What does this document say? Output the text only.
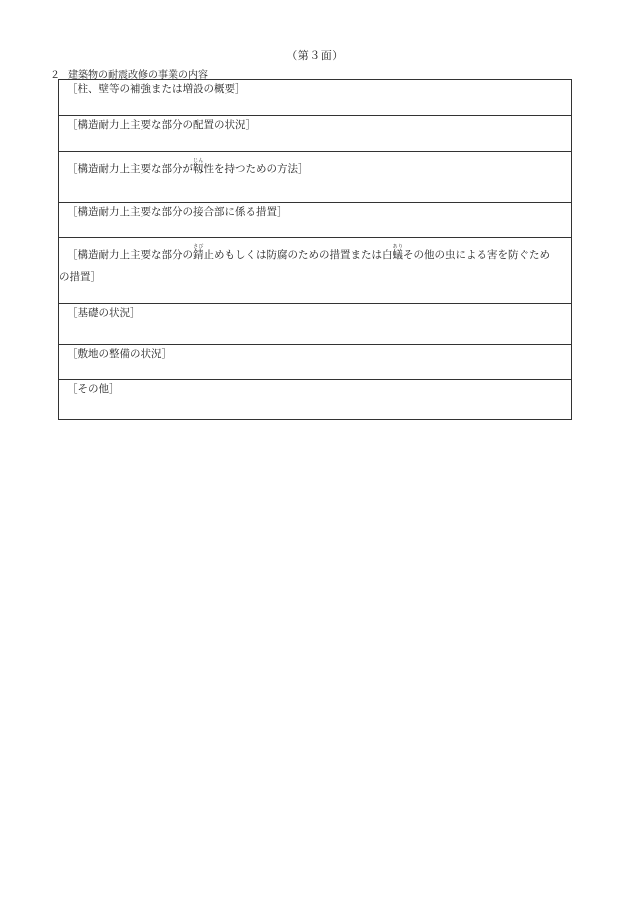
（第３面）
２ 建築物の耐震改修の事業の内容
［柱、壁等の補強または増設の概要］
［構造耐力上主要な部分の配置の状況］
［構造耐力上主要な部分が靱じん性を持つための方法］
［構造耐力上主要な部分の接合部に係る措置］
［構造耐力上主要な部分の錆さび止めもしくは防腐のための措置または白蟻ありその他の虫による害を防ぐため
の措置］
［基礎の状況］
［敷地の整備の状況］
［その他］
